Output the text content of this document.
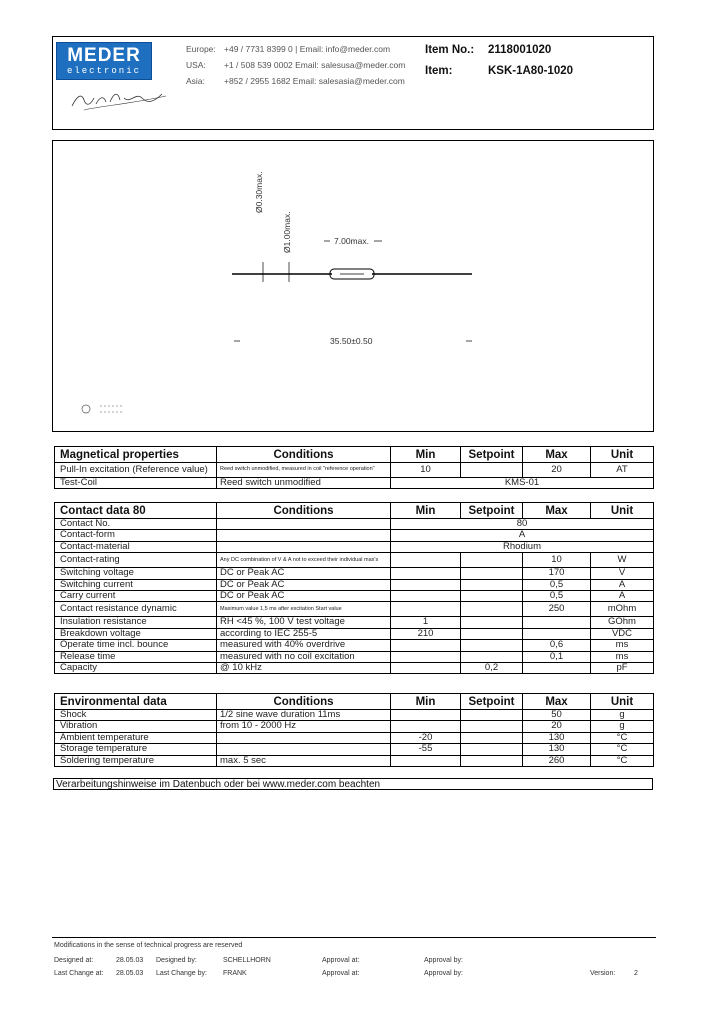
MEDER
electronic
Europe: +49 / 7731 8399 0 | Email: info@meder.com
USA: +1 / 508 539 0002 Email: salesusa@meder.com
Asia: +852 / 2955 1682 Email: salesasia@meder.com
Item No.: 2118001020
Item:	KSK-1A80-1020
Ø0.30max.
Ø1.00max.	7.00max.
35.50±0.50
Magnetical properties	Conditions	Min	Setpoint	Max	Unit
Pull-In excitation (Reference value)	Reed switch unmodified, measured in coil "reference operation"	10		20	AT
Test-Coil	Reed switch unmodified	KMS-01			
Contact data 80	Conditions	Min	Setpoint	Max	Unit
Contact No.		80			
Contact-form		A			
Contact-material		Rhodium			
Contact-rating	Any DC combination of V & A not to exceed their individual max's			10	W
Switching voltage	DC or Peak AC			170	V
Switching current	DC or Peak AC			0,5	A
Carry current	DC or Peak AC			0,5	A
Contact resistance dynamic	Maximum value 1,5 ms after excitation Start value			250	mOhm
Insulation resistance	RH <45 %, 100 V test voltage	1			GOhm
Breakdown voltage	according to IEC 255-5	210			VDC
Operate time incl. bounce	measured with 40% overdrive			0,6	ms
Release time	measured with no coil excitation			0,1	ms
Capacity	@ 10 kHz		0,2		pF
Environmental data	Conditions	Min	Setpoint	Max	Unit
Shock	1/2 sine wave duration 11ms			50	g
Vibration	from 10 - 2000 Hz			20	g
Ambient temperature		-20		130	°C
Storage temperature		-55		130	°C
Soldering temperature	max. 5 sec			260	°C
Verarbeitungshinweise im Datenbuch oder bei www.meder.com beachten
Modifications in the sense of technical progress are reserved
Designed at:	28.05.03 Designed by:	SCHELLHORN	Approval at:	Approval by:
Last Change at: 28.05.03 Last Change by: FRANK	Approval at:	Approval by:	Version:	2
